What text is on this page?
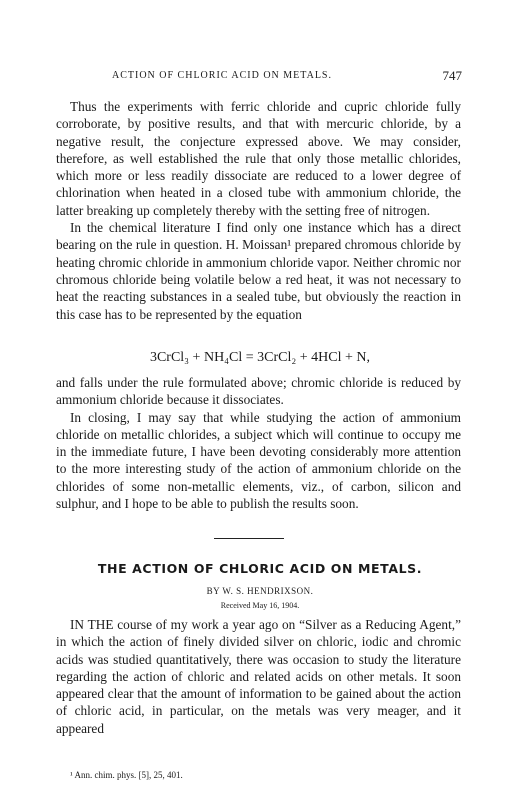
ACTION OF CHLORIC ACID ON METALS.	747

Thus the experiments with ferric chloride and cupric chloride fully corroborate, by positive results, and that with mercuric chloride, by a negative result, the conjecture expressed above. We may consider, therefore, as well established the rule that only those metallic chlorides, which more or less readily dissociate are reduced to a lower degree of chlorination when heated in a closed tube with ammonium chloride, the latter breaking up completely thereby with the setting free of nitrogen.

In the chemical literature I find only one instance which has a direct bearing on the rule in question. H. Moissan¹ prepared chromous chloride by heating chromic chloride in ammonium chloride vapor. Neither chromic nor chromous chloride being volatile below a red heat, it was not necessary to heat the reacting substances in a sealed tube, but obviously the reaction in this case has to be represented by the equation

3CrCl₃ + NH₄Cl = 3CrCl₂ + 4HCl + N,

and falls under the rule formulated above; chromic chloride is reduced by ammonium chloride because it dissociates.

In closing, I may say that while studying the action of ammonium chloride on metallic chlorides, a subject which will continue to occupy me in the immediate future, I have been devoting considerably more attention to the more interesting study of the action of ammonium chloride on the chlorides of some non-metallic elements, viz., of carbon, silicon and sulphur, and I hope to be able to publish the results soon.

THE ACTION OF CHLORIC ACID ON METALS.
BY W. S. HENDRIXSON.
Received May 16, 1904.

IN THE course of my work a year ago on “Silver as a Reducing Agent,” in which the action of finely divided silver on chloric, iodic and chromic acids was studied quantitatively, there was occasion to study the literature regarding the action of chloric and related acids on other metals. It soon appeared clear that the amount of information to be gained about the action of chloric acid, in particular, on the metals was very meager, and it appeared

¹ Ann. chim. phys. [5], 25, 401.
